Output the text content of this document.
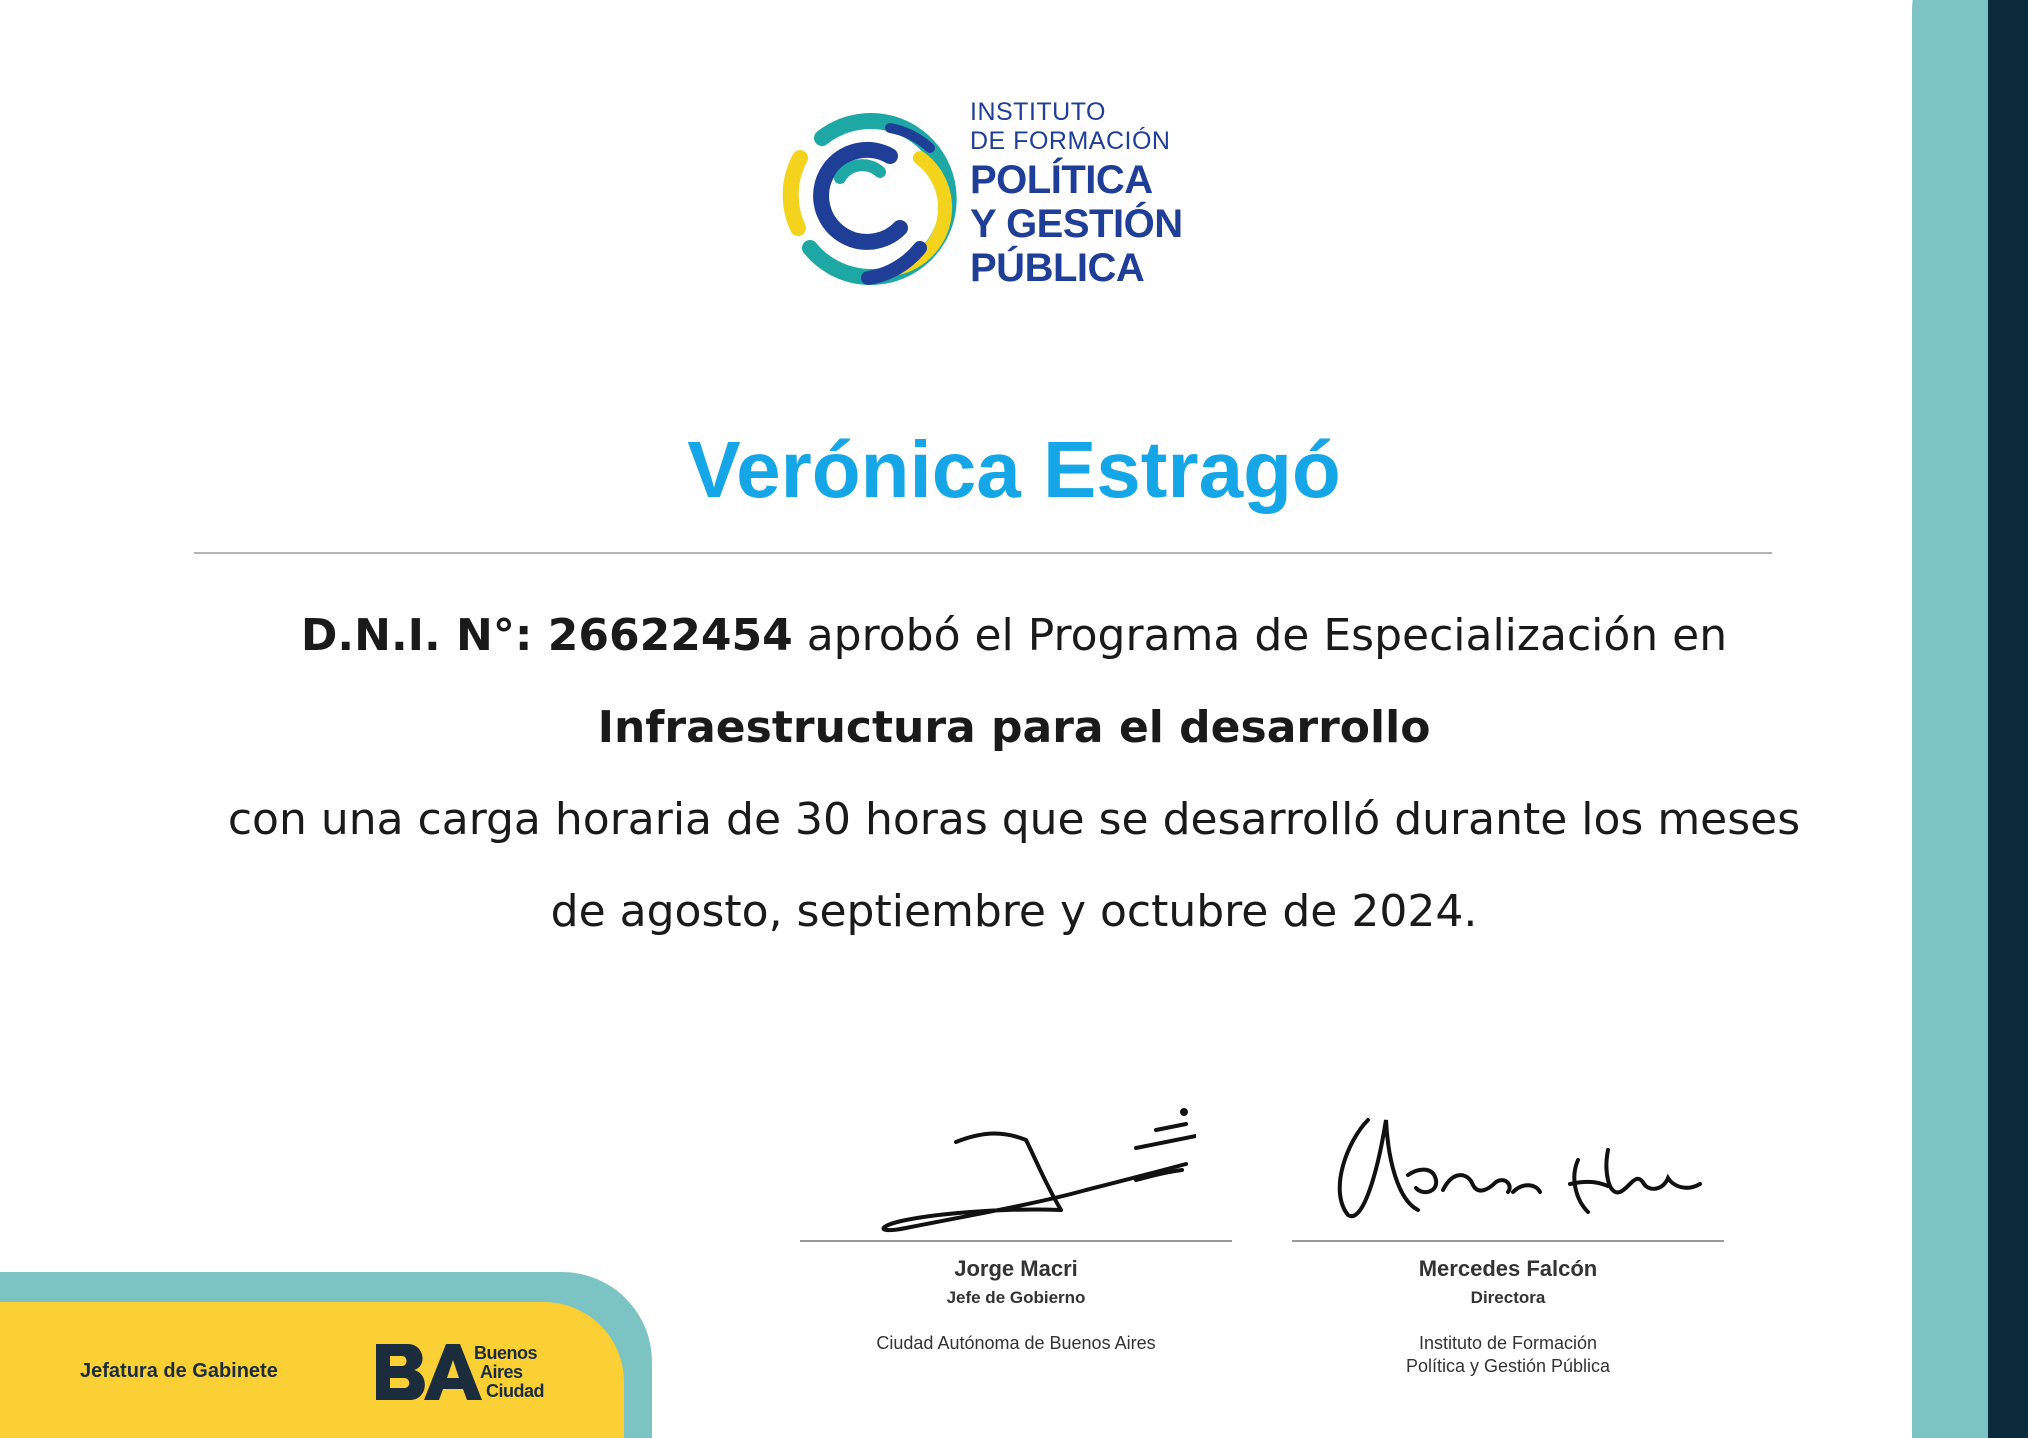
INSTITUTO
DE FORMACIÓN
POLÍTICA
Y GESTIÓN
PÚBLICA
Verónica Estragó
D.N.I. N°: 26622454 aprobó el Programa de Especialización en
Infraestructura para el desarrollo
con una carga horaria de 30 horas que se desarrolló durante los meses
de agosto, septiembre y octubre de 2024.
Jorge Macri
Jefe de Gobierno
Ciudad Autónoma de Buenos Aires
Mercedes Falcón
Directora
Instituto de Formación
Política y Gestión Pública
Jefatura de Gabinete
Buenos
Aires
Ciudad
